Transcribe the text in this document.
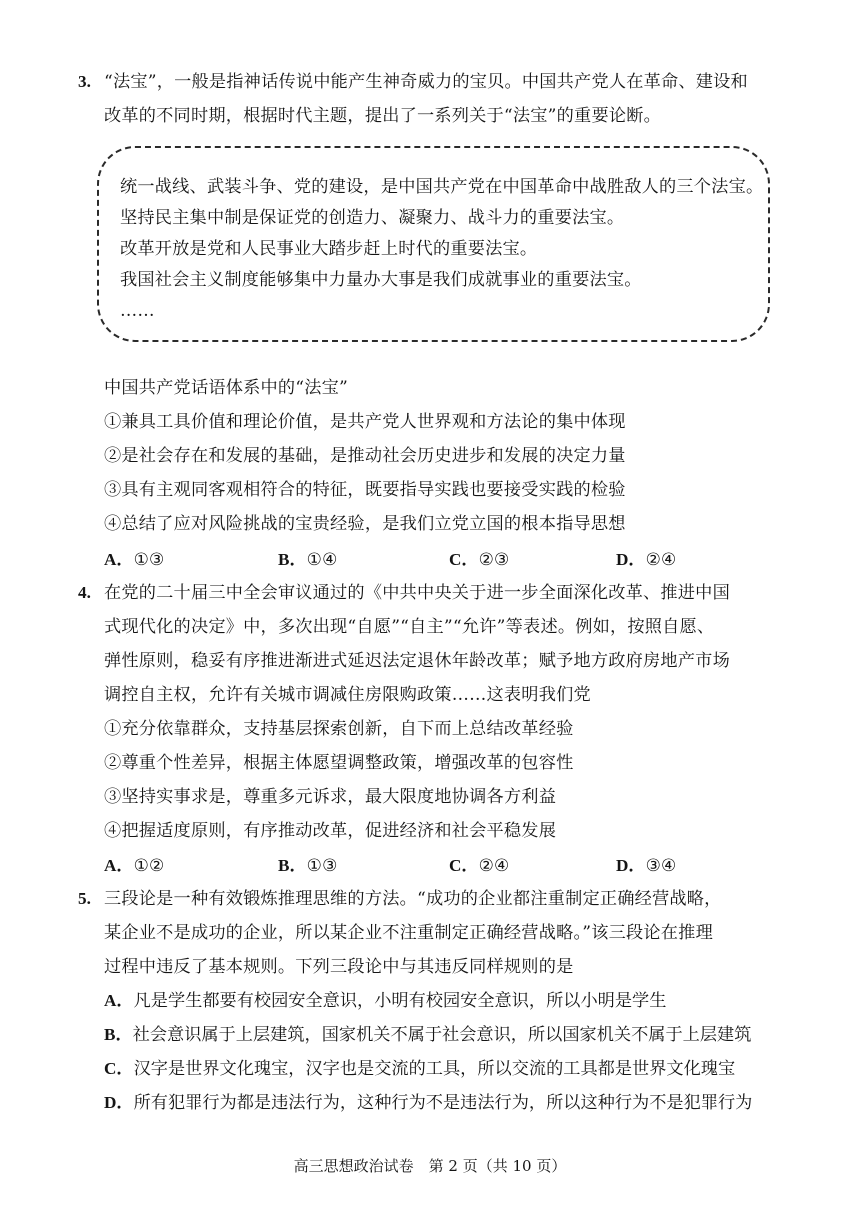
3. “法宝”，一般是指神话传说中能产生神奇威力的宝贝。中国共产党人在革命、建设和
改革的不同时期，根据时代主题，提出了一系列关于“法宝”的重要论断。
统一战线、武装斗争、党的建设，是中国共产党在中国革命中战胜敌人的三个法宝。
坚持民主集中制是保证党的创造力、凝聚力、战斗力的重要法宝。
改革开放是党和人民事业大踏步赶上时代的重要法宝。
我国社会主义制度能够集中力量办大事是我们成就事业的重要法宝。
……
中国共产党话语体系中的“法宝”
①兼具工具价值和理论价值，是共产党人世界观和方法论的集中体现
②是社会存在和发展的基础，是推动社会历史进步和发展的决定力量
③具有主观同客观相符合的特征，既要指导实践也要接受实践的检验
④总结了应对风险挑战的宝贵经验，是我们立党立国的根本指导思想
A．①③	B．①④	C．②③	D．②④
4. 在党的二十届三中全会审议通过的《中共中央关于进一步全面深化改革、推进中国
式现代化的决定》中，多次出现“自愿”“自主”“允许”等表述。例如，按照自愿、
弹性原则，稳妥有序推进渐进式延迟法定退休年龄改革；赋予地方政府房地产市场
调控自主权，允许有关城市调减住房限购政策……这表明我们党
①充分依靠群众，支持基层探索创新，自下而上总结改革经验
②尊重个性差异，根据主体愿望调整政策，增强改革的包容性
③坚持实事求是，尊重多元诉求，最大限度地协调各方利益
④把握适度原则，有序推动改革，促进经济和社会平稳发展
A．①②	B．①③	C．②④	D．③④
5. 三段论是一种有效锻炼推理思维的方法。“成功的企业都注重制定正确经营战略，
某企业不是成功的企业，所以某企业不注重制定正确经营战略。”该三段论在推理
过程中违反了基本规则。下列三段论中与其违反同样规则的是
A．凡是学生都要有校园安全意识，小明有校园安全意识，所以小明是学生
B．社会意识属于上层建筑，国家机关不属于社会意识，所以国家机关不属于上层建筑
C．汉字是世界文化瑰宝，汉字也是交流的工具，所以交流的工具都是世界文化瑰宝
D．所有犯罪行为都是违法行为，这种行为不是违法行为，所以这种行为不是犯罪行为
高三思想政治试卷　第 2 页（共 10 页）
